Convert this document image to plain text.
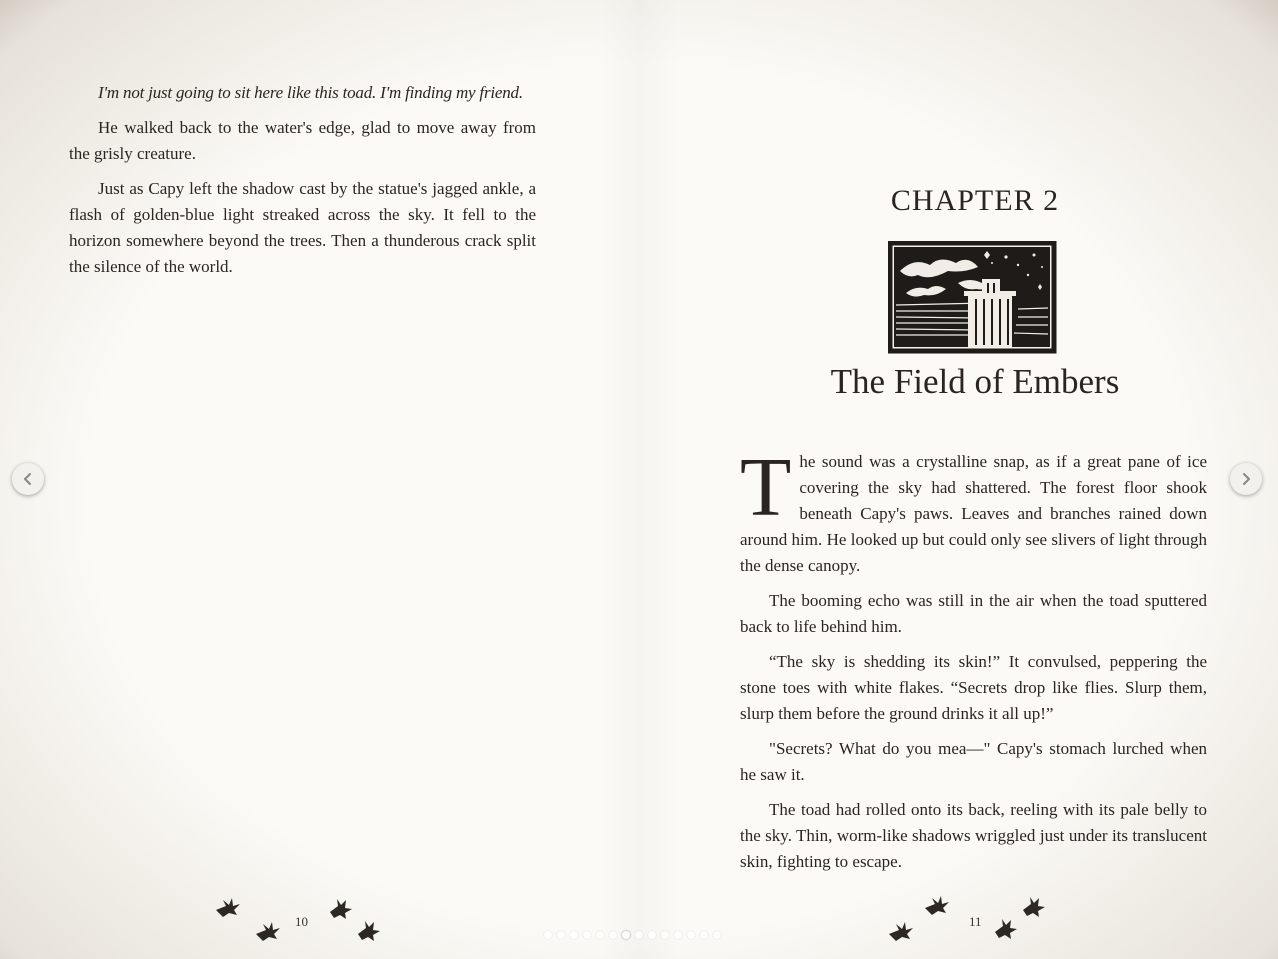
I'm not just going to sit here like this toad. I'm finding my friend.

He walked back to the water's edge, glad to move away from the grisly creature.

Just as Capy left the shadow cast by the statue's jagged ankle, a flash of golden-blue light streaked across the sky. It fell to the horizon somewhere beyond the trees. Then a thunderous crack split the silence of the world.

10
CHAPTER 2
The Field of Embers

The sound was a crystalline snap, as if a great pane of ice covering the sky had shattered. The forest floor shook beneath Capy's paws. Leaves and branches rained down around him. He looked up but could only see slivers of light through the dense canopy.

The booming echo was still in the air when the toad sputtered back to life behind him.

“The sky is shedding its skin!” It convulsed, peppering the stone toes with white flakes. “Secrets drop like flies. Slurp them, slurp them before the ground drinks it all up!”

"Secrets? What do you mea—" Capy's stomach lurched when he saw it.

The toad had rolled onto its back, reeling with its pale belly to the sky. Thin, worm-like shadows wriggled just under its translucent skin, fighting to escape.

11
